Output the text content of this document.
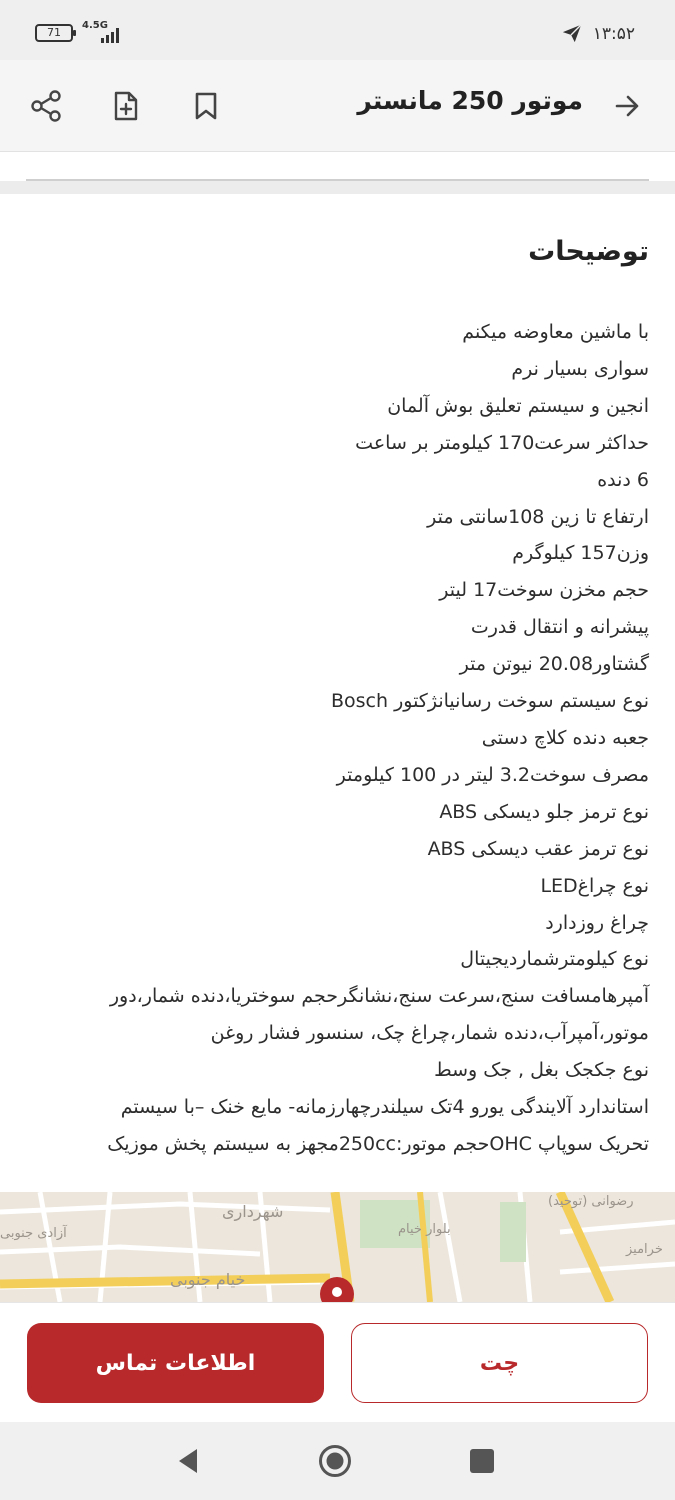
71
4.5G	۱۳:۵۲
موتور 250 مانستر
توضیحات
با ماشین معاوضه میکنم
سواری بسیار نرم
انجین و سیستم تعلیق بوش آلمان
حداکثر سرعت170 کیلومتر بر ساعت
6 دنده
ارتفاع تا زین 108سانتی متر
وزن157 کیلوگرم
حجم مخزن سوخت17 لیتر
پیشرانه و انتقال قدرت
گشتاور20.08 نیوتن متر
نوع سیستم سوخت رسانیانژکتور Bosch
جعبه دنده کلاچ دستی
مصرف سوخت3.2 لیتر در 100 کیلومتر
نوع ترمز جلو دیسکی ABS
نوع ترمز عقب دیسکی ABS
نوع چراغLED
چراغ روزدارد
نوع کیلومترشماردیجیتال
آمپرهامسافت سنج،سرعت سنج،نشانگرحجم سوختریا،دنده شمار،دور
موتور،آمپرآب،دنده شمار،چراغ چک، سنسور فشار روغن
نوع جکجک بغل , جک وسط
استاندارد آلایندگی یورو 4تک سیلندرچهارزمانه- مایع خنک –با سیستم
تحریک سوپاپ OHCحجم موتور:250ccمجهز به سیستم پخش موزیک
شهرداری
خیام جنوبی
بلوار خیام
آزادی جنوبی
رضوانی (توحید)
خرامیز
اطلاعات تماس	چت
